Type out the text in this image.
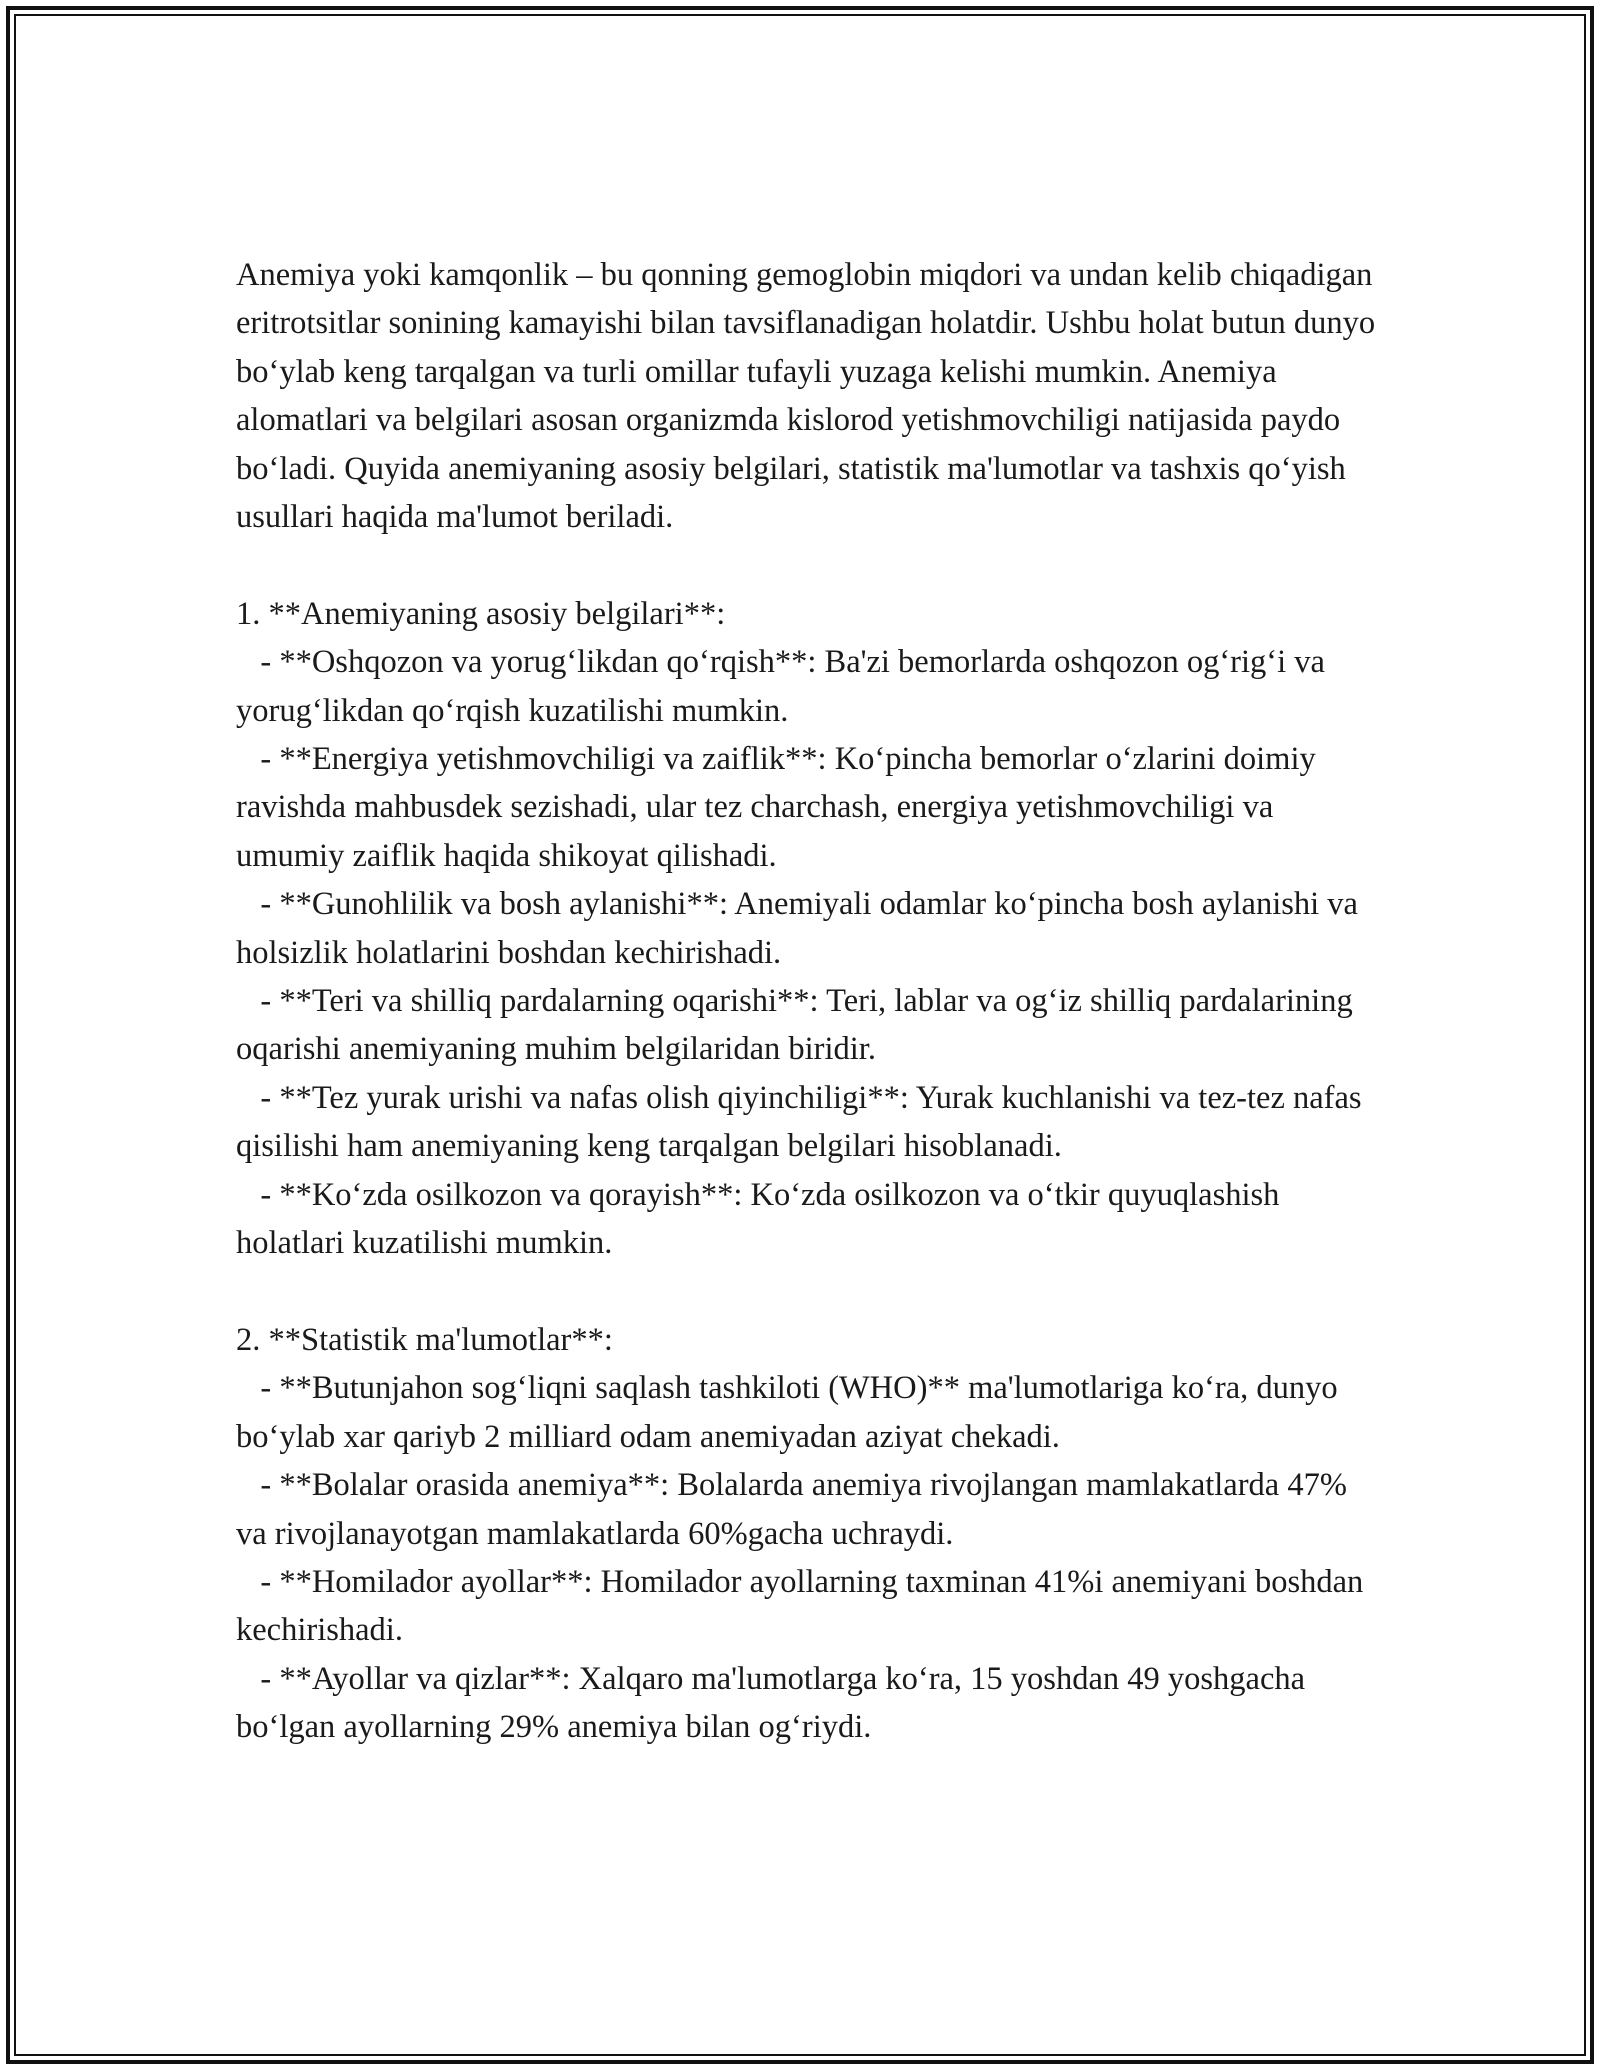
Anemiya yoki kamqonlik – bu qonning gemoglobin miqdori va undan kelib chiqadigan eritrotsitlar sonining kamayishi bilan tavsiflanadigan holatdir. Ushbu holat butun dunyo bo‘ylab keng tarqalgan va turli omillar tufayli yuzaga kelishi mumkin. Anemiya alomatlari va belgilari asosan organizmda kislorod yetishmovchiligi natijasida paydo bo‘ladi. Quyida anemiyaning asosiy belgilari, statistik ma'lumotlar va tashxis qo‘yish usullari haqida ma'lumot beriladi.

1. **Anemiyaning asosiy belgilari**:

- **Oshqozon va yorug‘likdan qo‘rqish**: Ba'zi bemorlarda oshqozon og‘rig‘i va yorug‘likdan qo‘rqish kuzatilishi mumkin.

- **Energiya yetishmovchiligi va zaiflik**: Ko‘pincha bemorlar o‘zlarini doimiy ravishda mahbusdek sezishadi, ular tez charchash, energiya yetishmovchiligi va umumiy zaiflik haqida shikoyat qilishadi.

- **Gunohlilik va bosh aylanishi**: Anemiyali odamlar ko‘pincha bosh aylanishi va holsizlik holatlarini boshdan kechirishadi.

- **Teri va shilliq pardalarning oqarishi**: Teri, lablar va og‘iz shilliq pardalarining oqarishi anemiyaning muhim belgilaridan biridir.

- **Tez yurak urishi va nafas olish qiyinchiligi**: Yurak kuchlanishi va tez-tez nafas qisilishi ham anemiyaning keng tarqalgan belgilari hisoblanadi.

- **Ko‘zda osilkozon va qorayish**: Ko‘zda osilkozon va o‘tkir quyuqlashish holatlari kuzatilishi mumkin.

2. **Statistik ma'lumotlar**:

- **Butunjahon sog‘liqni saqlash tashkiloti (WHO)** ma'lumotlariga ko‘ra, dunyo bo‘ylab xar qariyb 2 milliard odam anemiyadan aziyat chekadi.

- **Bolalar orasida anemiya**: Bolalarda anemiya rivojlangan mamlakatlarda 47% va rivojlanayotgan mamlakatlarda 60%gacha uchraydi.

- **Homilador ayollar**: Homilador ayollarning taxminan 41%i anemiyani boshdan kechirishadi.

- **Ayollar va qizlar**: Xalqaro ma'lumotlarga ko‘ra, 15 yoshdan 49 yoshgacha bo‘lgan ayollarning 29% anemiya bilan og‘riydi.
